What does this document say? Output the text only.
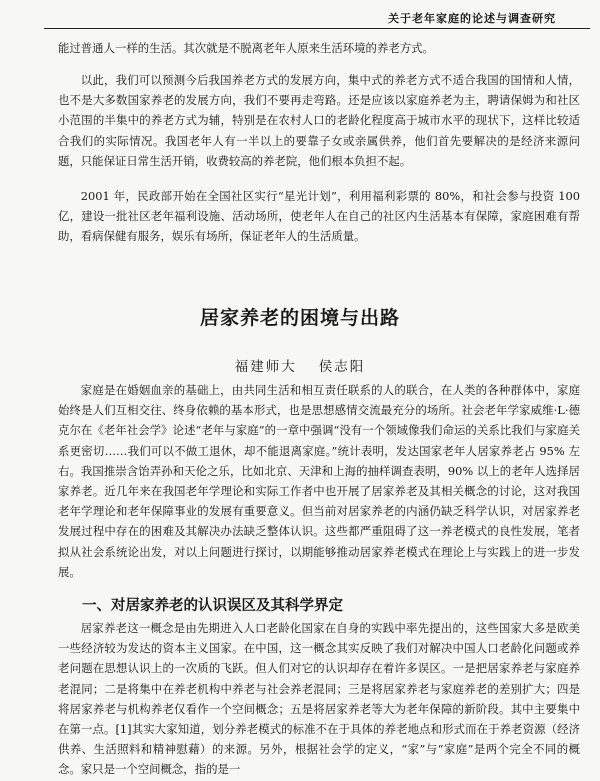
关于老年家庭的论述与调查研究
能过普通人一样的生活。其次就是不脱离老年人原来生活环境的养老方式。
以此，我们可以预测今后我国养老方式的发展方向，集中式的养老方式不适合我国的国情和人情，也不是大多数国家养老的发展方向，我们不要再走弯路。还是应该以家庭养老为主，聘请保姆为和社区小范围的半集中的养老方式为辅，特别是在农村人口的老龄化程度高于城市水平的现状下，这样比较适合我们的实际情况。我国老年人有一半以上的要靠子女或亲属供养，他们首先要解决的是经济来源问题，只能保证日常生活开销，收费较高的养老院，他们根本负担不起。
2001 年，民政部开始在全国社区实行“星光计划”，利用福利彩票的 80%，和社会参与投资 100 亿，建设一批社区老年福利设施、活动场所，使老年人在自己的社区内生活基本有保障，家庭困难有帮助，看病保健有服务，娱乐有场所，保证老年人的生活质量。
居家养老的困境与出路
福建师大 侯志阳
家庭是在婚姻血亲的基础上，由共同生活和相互责任联系的人的联合，在人类的各种群体中，家庭始终是人们互相交往、终身依赖的基本形式，也是思想感情交流最充分的场所。社会老年学家威维·L·德克尔在《老年社会学》论述“老年与家庭”的一章中强调“没有一个领域像我们命运的关系比我们与家庭关系更密切……我们可以不做工退休，却不能退离家庭。”统计表明，发达国家老年人居家养老占 95% 左右。我国推崇含饴弄孙和天伦之乐，比如北京、天津和上海的抽样调查表明，90% 以上的老年人选择居家养老。近几年来在我国老年学理论和实际工作者中也开展了居家养老及其相关概念的讨论，这对我国老年学理论和老年保障事业的发展有重要意义。但当前对居家养老的内涵仍缺乏科学认识，对居家养老发展过程中存在的困难及其解决办法缺乏整体认识。这些都严重阻碍了这一养老模式的良性发展，笔者拟从社会系统论出发，对以上问题进行探讨，以期能够推动居家养老模式在理论上与实践上的进一步发展。
一、对居家养老的认识误区及其科学界定
居家养老这一概念是由先期进入人口老龄化国家在自身的实践中率先提出的，这些国家大多是欧美一些经济较为发达的资本主义国家。在中国，这一概念其实反映了我们对解决中国人口老龄化问题或养老问题在思想认识上的一次质的飞跃。但人们对它的认识却存在着许多误区。一是把居家养老与家庭养老混同；二是将集中在养老机构中养老与社会养老混同；三是将居家养老与家庭养老的差别扩大；四是将居家养老与机构养老仅看作一个空间概念；五是将居家养老等大为老年保障的新阶段。其中主要集中在第一点。[1]其实大家知道，划分养老模式的标准不在于具体的养老地点和形式而在于养老资源（经济供养、生活照料和精神慰藉）的来源。另外，根据社会学的定义，“家”与“家庭”是两个完全不同的概念。家只是一个空间概念，指的是一
